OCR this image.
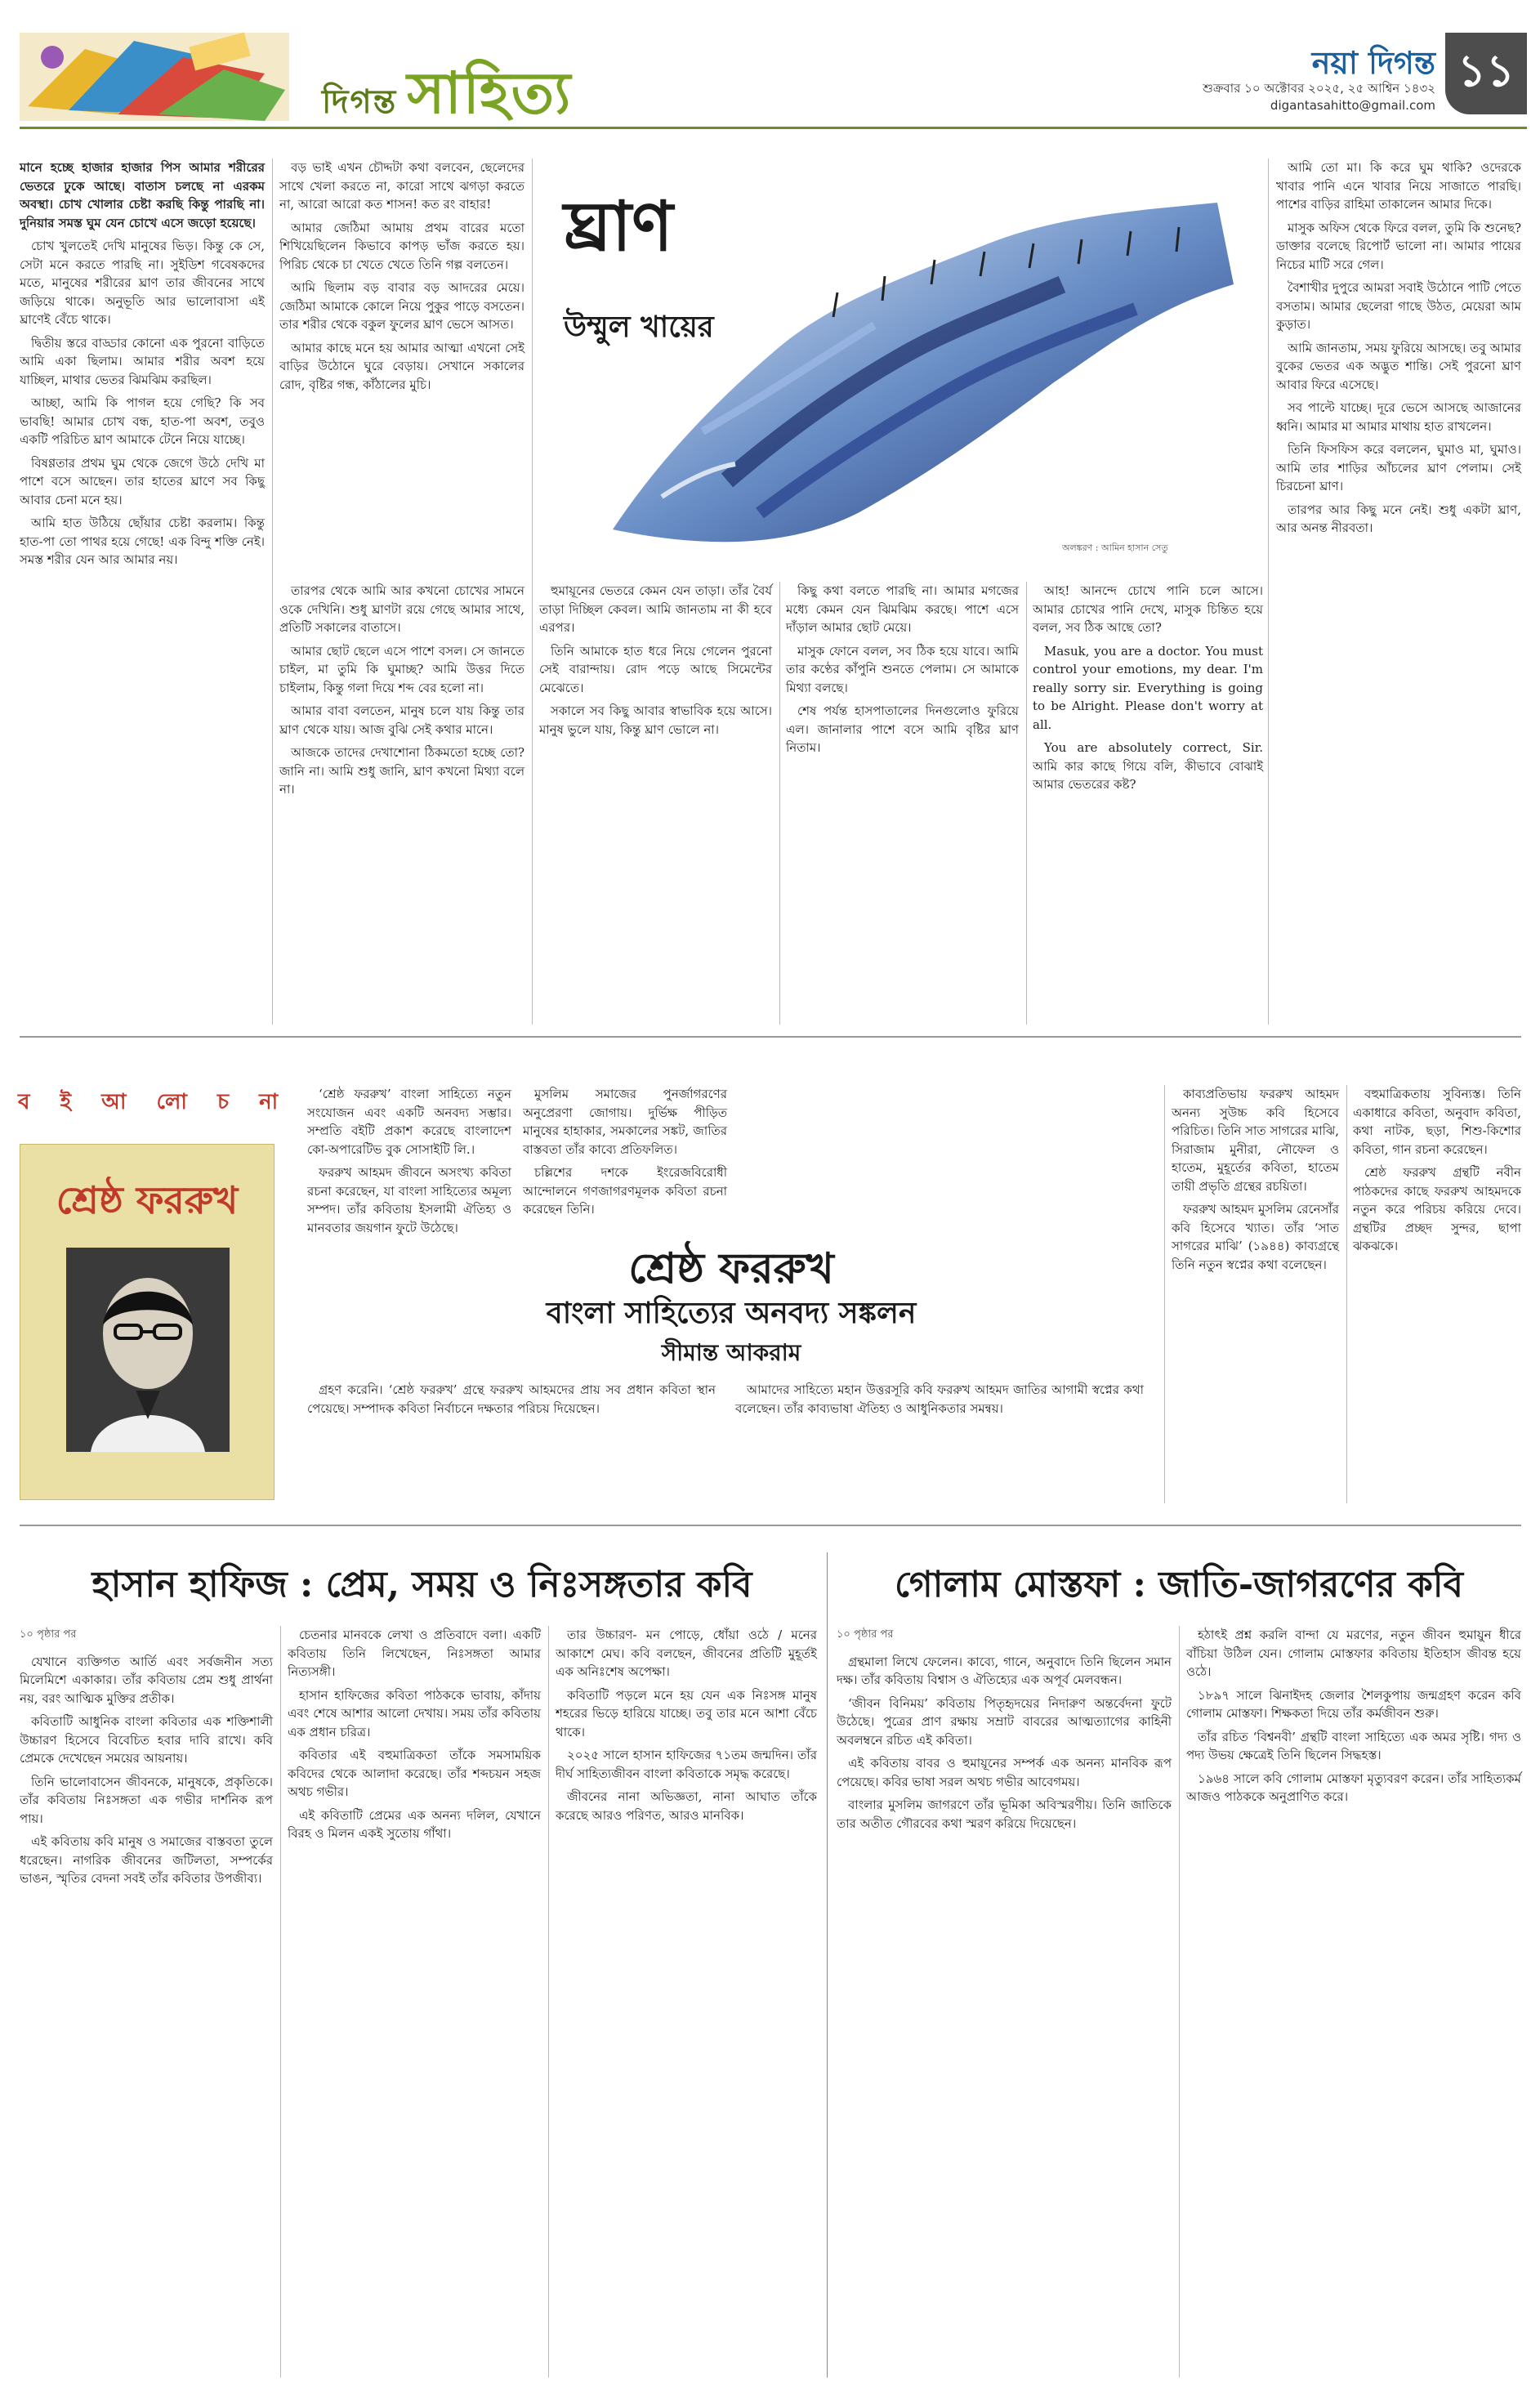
দিগন্ত সাহিত্য	নয়া দিগন্ত
শুক্রবার ১০ অক্টোবর ২০২৫, ২৫ আশ্বিন ১৪৩২
digantasahitto@gmail.com
১১

মানে হচ্ছে হাজার হাজার পিস আমার শরীরের ভেতরে ঢুকে আছে। বাতাস চলছে না এরকম অবস্থা। চোখ খোলার চেষ্টা করছি কিন্তু পারছি না। দুনিয়ার সমস্ত ঘুম যেন চোখে এসে জড়ো হয়েছে।

চোখ খুলতেই দেখি মানুষের ভিড়। কিন্তু কে সে, সেটা মনে করতে পারছি না। সুইডিশ গবেষকদের মতে, মানুষের শরীরের ঘ্রাণ তার জীবনের সাথে জড়িয়ে থাকে। অনুভূতি আর ভালোবাসা এই ঘ্রাণেই বেঁচে থাকে।

দ্বিতীয় স্তরে বাড্ডার কোনো এক পুরনো বাড়িতে আমি একা ছিলাম। আমার শরীর অবশ হয়ে যাচ্ছিল, মাথার ভেতর ঝিমঝিম করছিল।

আচ্ছা, আমি কি পাগল হয়ে গেছি? কি সব ভাবছি! আমার চোখ বন্ধ, হাত-পা অবশ, তবুও একটি পরিচিত ঘ্রাণ আমাকে টেনে নিয়ে যাচ্ছে।

বিষণ্ণতার প্রথম ঘুম থেকে জেগে উঠে দেখি মা পাশে বসে আছেন। তার হাতের ঘ্রাণে সব কিছু আবার চেনা মনে হয়।

আমি হাত উঠিয়ে ছোঁয়ার চেষ্টা করলাম। কিন্তু হাত-পা তো পাথর হয়ে গেছে! এক বিন্দু শক্তি নেই। সমস্ত শরীর যেন আর আমার নয়।

বড় ভাই এখন চৌদ্দটা কথা বলবেন, ছেলেদের সাথে খেলা করতে না, কারো সাথে ঝগড়া করতে না, আরো আরো কত শাসন! কত রং বাহার!

আমার জেঠিমা আমায় প্রথম বারের মতো শিখিয়েছিলেন কিভাবে কাপড় ভাঁজ করতে হয়। পিরিচ থেকে চা খেতে খেতে তিনি গল্প বলতেন।

আমি ছিলাম বড় বাবার বড় আদরের মেয়ে। জেঠিমা আমাকে কোলে নিয়ে পুকুর পাড়ে বসতেন। তার শরীর থেকে বকুল ফুলের ঘ্রাণ ভেসে আসত।

আমার কাছে মনে হয় আমার আত্মা এখনো সেই বাড়ির উঠোনে ঘুরে বেড়ায়। সেখানে সকালের রোদ, বৃষ্টির গন্ধ, কাঁঠালের মুচি।

তারপর থেকে আমি আর কখনো চোখের সামনে ওকে দেখিনি। শুধু ঘ্রাণটা রয়ে গেছে আমার সাথে, প্রতিটি সকালের বাতাসে।

আমার ছোট ছেলে এসে পাশে বসল। সে জানতে চাইল, মা তুমি কি ঘুমাচ্ছ? আমি উত্তর দিতে চাইলাম, কিন্তু গলা দিয়ে শব্দ বের হলো না।

আমার বাবা বলতেন, মানুষ চলে যায় কিন্তু তার ঘ্রাণ থেকে যায়। আজ বুঝি সেই কথার মানে।

আজকে তাদের দেখাশোনা ঠিকমতো হচ্ছে তো? জানি না। আমি শুধু জানি, ঘ্রাণ কখনো মিথ্যা বলে না।

ঘ্রাণ
উম্মুল খায়ের
অলঙ্করণ : আমিন হাসান সেতু

আমি তো মা। কি করে ঘুম থাকি? ওদেরকে খাবার পানি এনে খাবার নিয়ে সাজাতে পারছি। পাশের বাড়ির রাহিমা তাকালেন আমার দিকে।

মাসুক অফিস থেকে ফিরে বলল, তুমি কি শুনেছ? ডাক্তার বলেছে রিপোর্ট ভালো না। আমার পায়ের নিচের মাটি সরে গেল।

বৈশাখীর দুপুরে আমরা সবাই উঠোনে পাটি পেতে বসতাম। আমার ছেলেরা গাছে উঠত, মেয়েরা আম কুড়াত।

আমি জানতাম, সময় ফুরিয়ে আসছে। তবু আমার বুকের ভেতর এক অদ্ভুত শান্তি। সেই পুরনো ঘ্রাণ আবার ফিরে এসেছে।

সব পাল্টে যাচ্ছে। দূরে ভেসে আসছে আজানের ধ্বনি। আমার মা আমার মাথায় হাত রাখলেন।

তিনি ফিসফিস করে বললেন, ঘুমাও মা, ঘুমাও। আমি তার শাড়ির আঁচলের ঘ্রাণ পেলাম। সেই চিরচেনা ঘ্রাণ।

তারপর আর কিছু মনে নেই। শুধু একটা ঘ্রাণ, আর অনন্ত নীরবতা।

হুমায়ূনের ভেতরে কেমন যেন তাড়া। তাঁর বৈর্য তাড়া দিচ্ছিল কেবল। আমি জানতাম না কী হবে এরপর।

তিনি আমাকে হাত ধরে নিয়ে গেলেন পুরনো সেই বারান্দায়। রোদ পড়ে আছে সিমেন্টের মেঝেতে।

সকালে সব কিছু আবার স্বাভাবিক হয়ে আসে। মানুষ ভুলে যায়, কিন্তু ঘ্রাণ ভোলে না।

কিছু কথা বলতে পারছি না। আমার মগজের মধ্যে কেমন যেন ঝিমঝিম করছে। পাশে এসে দাঁড়াল আমার ছোট মেয়ে।

মাসুক ফোনে বলল, সব ঠিক হয়ে যাবে। আমি তার কণ্ঠের কাঁপুনি শুনতে পেলাম। সে আমাকে মিথ্যা বলছে।

শেষ পর্যন্ত হাসপাতালের দিনগুলোও ফুরিয়ে এল। জানালার পাশে বসে আমি বৃষ্টির ঘ্রাণ নিতাম।

আহ! আনন্দে চোখে পানি চলে আসে। আমার চোখের পানি দেখে, মাসুক চিন্তিত হয়ে বলল, সব ঠিক আছে তো?

Masuk, you are a doctor. You must control your emotions, my dear. I'm really sorry sir. Everything is going to be Alright. Please don't worry at all.

You are absolutely correct, Sir. আমি কার কাছে গিয়ে বলি, কীভাবে বোঝাই আমার ভেতরের কষ্ট?

ব ই আ লো চ না
শ্রেষ্ঠ ফররুখ

‘শ্রেষ্ঠ ফররুখ’ বাংলা সাহিত্যে নতুন সংযোজন এবং একটি অনবদ্য সম্ভার। সম্প্রতি বইটি প্রকাশ করেছে বাংলাদেশ কো-অপারেটিভ বুক সোসাইটি লি.।

ফররুখ আহমদ জীবনে অসংখ্য কবিতা রচনা করেছেন, যা বাংলা সাহিত্যের অমূল্য সম্পদ। তাঁর কবিতায় ইসলামী ঐতিহ্য ও মানবতার জয়গান ফুটে উঠেছে।

মুসলিম সমাজের পুনর্জাগরণের অনুপ্রেরণা জোগায়। দুর্ভিক্ষ পীড়িত মানুষের হাহাকার, সমকালের সঙ্কট, জাতির বাস্তবতা তাঁর কাব্যে প্রতিফলিত।

চল্লিশের দশকে ইংরেজবিরোধী আন্দোলনে গণজাগরণমূলক কবিতা রচনা করেছেন তিনি।

শ্রেষ্ঠ ফররুখ
বাংলা সাহিত্যের অনবদ্য সঙ্কলন
সীমান্ত আকরাম

গ্রহণ করেনি। ‘শ্রেষ্ঠ ফররুখ’ গ্রন্থে ফররুখ আহমদের প্রায় সব প্রধান কবিতা স্থান পেয়েছে। সম্পাদক কবিতা নির্বাচনে দক্ষতার পরিচয় দিয়েছেন।

আমাদের সাহিত্যে মহান উত্তরসূরি কবি ফররুখ আহমদ জাতির আগামী স্বপ্নের কথা বলেছেন। তাঁর কাব্যভাষা ঐতিহ্য ও আধুনিকতার সমন্বয়।

কাব্যপ্রতিভায় ফররুখ আহমদ অনন্য সুউচ্চ কবি হিসেবে পরিচিত। তিনি সাত সাগরের মাঝি, সিরাজাম মুনীরা, নৌফেল ও হাতেম, মুহূর্তের কবিতা, হাতেম তায়ী প্রভৃতি গ্রন্থের রচয়িতা।

ফররুখ আহমদ মুসলিম রেনেসাঁর কবি হিসেবে খ্যাত। তাঁর ‘সাত সাগরের মাঝি’ (১৯৪৪) কাব্যগ্রন্থে তিনি নতুন স্বপ্নের কথা বলেছেন।

বহুমাত্রিকতায় সুবিন্যস্ত। তিনি একাধারে কবিতা, অনুবাদ কবিতা, কথা নাটক, ছড়া, শিশু-কিশোর কবিতা, গান রচনা করেছেন।

শ্রেষ্ঠ ফররুখ গ্রন্থটি নবীন পাঠকদের কাছে ফররুখ আহমদকে নতুন করে পরিচয় করিয়ে দেবে। গ্রন্থটির প্রচ্ছদ সুন্দর, ছাপা ঝকঝকে।

হাসান হাফিজ : প্রেম, সময় ও নিঃসঙ্গতার কবি

১০ পৃষ্ঠার পর

যেখানে ব্যক্তিগত আর্তি এবং সর্বজনীন সত্য মিলেমিশে একাকার। তাঁর কবিতায় প্রেম শুধু প্রার্থনা নয়, বরং আত্মিক মুক্তির প্রতীক।

কবিতাটি আধুনিক বাংলা কবিতার এক শক্তিশালী উচ্চারণ হিসেবে বিবেচিত হবার দাবি রাখে। কবি প্রেমকে দেখেছেন সময়ের আয়নায়।

তিনি ভালোবাসেন জীবনকে, মানুষকে, প্রকৃতিকে। তাঁর কবিতায় নিঃসঙ্গতা এক গভীর দার্শনিক রূপ পায়।

এই কবিতায় কবি মানুষ ও সমাজের বাস্তবতা তুলে ধরেছেন। নাগরিক জীবনের জটিলতা, সম্পর্কের ভাঙন, স্মৃতির বেদনা সবই তাঁর কবিতার উপজীব্য।

চেতনার মানবকে লেখা ও প্রতিবাদে বলা। একটি কবিতায় তিনি লিখেছেন, নিঃসঙ্গতা আমার নিত্যসঙ্গী।

হাসান হাফিজের কবিতা পাঠককে ভাবায়, কাঁদায় এবং শেষে আশার আলো দেখায়। সময় তাঁর কবিতায় এক প্রধান চরিত্র।

কবিতার এই বহুমাত্রিকতা তাঁকে সমসাময়িক কবিদের থেকে আলাদা করেছে। তাঁর শব্দচয়ন সহজ অথচ গভীর।

এই কবিতাটি প্রেমের এক অনন্য দলিল, যেখানে বিরহ ও মিলন একই সুতোয় গাঁথা।

তার উচ্চারণ- মন পোড়ে, ধোঁয়া ওঠে / মনের আকাশে মেঘ। কবি বলছেন, জীবনের প্রতিটি মুহূর্তই এক অনিঃশেষ অপেক্ষা।

কবিতাটি পড়লে মনে হয় যেন এক নিঃসঙ্গ মানুষ শহরের ভিড়ে হারিয়ে যাচ্ছে। তবু তার মনে আশা বেঁচে থাকে।

২০২৫ সালে হাসান হাফিজের ৭১তম জন্মদিন। তাঁর দীর্ঘ সাহিত্যজীবন বাংলা কবিতাকে সমৃদ্ধ করেছে।

জীবনের নানা অভিজ্ঞতা, নানা আঘাত তাঁকে করেছে আরও পরিণত, আরও মানবিক।

গোলাম মোস্তফা : জাতি-জাগরণের কবি

১০ পৃষ্ঠার পর

গ্রন্থমালা লিখে ফেলেন। কাব্যে, গানে, অনুবাদে তিনি ছিলেন সমান দক্ষ। তাঁর কবিতায় বিশ্বাস ও ঐতিহ্যের এক অপূর্ব মেলবন্ধন।

‘জীবন বিনিময়’ কবিতায় পিতৃহৃদয়ের নিদারুণ অন্তর্বেদনা ফুটে উঠেছে। পুত্রের প্রাণ রক্ষায় সম্রাট বাবরের আত্মত্যাগের কাহিনী অবলম্বনে রচিত এই কবিতা।

এই কবিতায় বাবর ও হুমায়ূনের সম্পর্ক এক অনন্য মানবিক রূপ পেয়েছে। কবির ভাষা সরল অথচ গভীর আবেগময়।

বাংলার মুসলিম জাগরণে তাঁর ভূমিকা অবিস্মরণীয়। তিনি জাতিকে তার অতীত গৌরবের কথা স্মরণ করিয়ে দিয়েছেন।

হঠাৎই প্রশ্ন করলি বান্দা যে মরণের, নতুন জীবন হুমায়ুন ধীরে বাঁচিয়া উঠিল যেন। গোলাম মোস্তফার কবিতায় ইতিহাস জীবন্ত হয়ে ওঠে।

১৮৯৭ সালে ঝিনাইদহ জেলার শৈলকুপায় জন্মগ্রহণ করেন কবি গোলাম মোস্তফা। শিক্ষকতা দিয়ে তাঁর কর্মজীবন শুরু।

তাঁর রচিত ‘বিশ্বনবী’ গ্রন্থটি বাংলা সাহিত্যে এক অমর সৃষ্টি। গদ্য ও পদ্য উভয় ক্ষেত্রেই তিনি ছিলেন সিদ্ধহস্ত।

১৯৬৪ সালে কবি গোলাম মোস্তফা মৃত্যুবরণ করেন। তাঁর সাহিত্যকর্ম আজও পাঠককে অনুপ্রাণিত করে।
